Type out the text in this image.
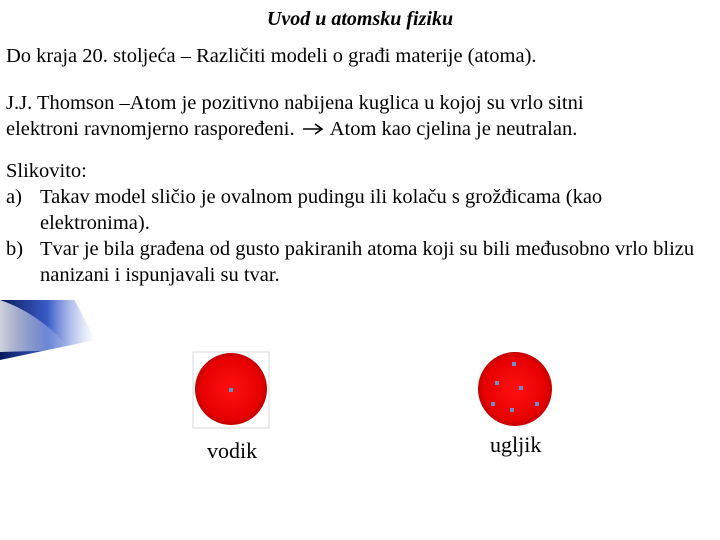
Uvod u atomsku fiziku
Do kraja 20. stoljeća – Različiti modeli o građi materije (atoma).
J.J. Thomson –Atom je pozitivno nabijena kuglica u kojoj su vrlo sitni
elektroni ravnomjerno raspoređeni. Atom kao cjelina je neutralan.
Slikovito:
a) Takav model sličio je ovalnom pudingu ili kolaču s grožđicama (kao elektronima).
b) Tvar je bila građena od gusto pakiranih atoma koji su bili međusobno vrlo blizu nanizani i ispunjavali su tvar.
vodik	ugljik
